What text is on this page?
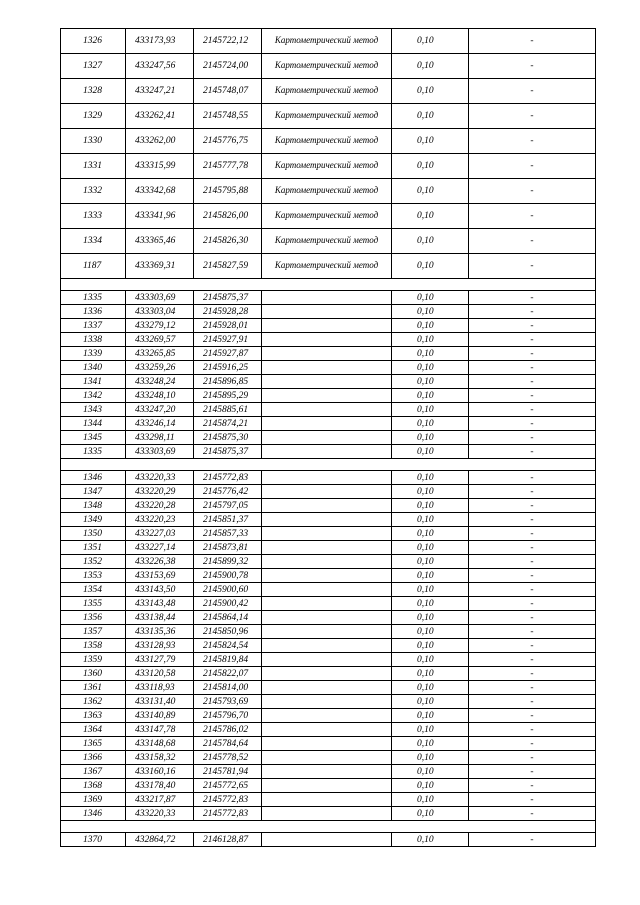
1326	433173,93	2145722,12	Картометрический метод	0,10	-
1327	433247,56	2145724,00	Картометрический метод	0,10	-
1328	433247,21	2145748,07	Картометрический метод	0,10	-
1329	433262,41	2145748,55	Картометрический метод	0,10	-
1330	433262,00	2145776,75	Картометрический метод	0,10	-
1331	433315,99	2145777,78	Картометрический метод	0,10	-
1332	433342,68	2145795,88	Картометрический метод	0,10	-
1333	433341,96	2145826,00	Картометрический метод	0,10	-
1334	433365,46	2145826,30	Картометрический метод	0,10	-
1187	433369,31	2145827,59	Картометрический метод	0,10	-

1335	433303,69	2145875,37		0,10	-
1336	433303,04	2145928,28		0,10	-
1337	433279,12	2145928,01		0,10	-
1338	433269,57	2145927,91		0,10	-
1339	433265,85	2145927,87		0,10	-
1340	433259,26	2145916,25		0,10	-
1341	433248,24	2145896,85		0,10	-
1342	433248,10	2145895,29		0,10	-
1343	433247,20	2145885,61		0,10	-
1344	433246,14	2145874,21		0,10	-
1345	433298,11	2145875,30		0,10	-
1335	433303,69	2145875,37		0,10	-

1346	433220,33	2145772,83		0,10	-
1347	433220,29	2145776,42		0,10	-
1348	433220,28	2145797,05		0,10	-
1349	433220,23	2145851,37		0,10	-
1350	433227,03	2145857,33		0,10	-
1351	433227,14	2145873,81		0,10	-
1352	433226,38	2145899,32		0,10	-
1353	433153,69	2145900,78		0,10	-
1354	433143,50	2145900,60		0,10	-
1355	433143,48	2145900,42		0,10	-
1356	433138,44	2145864,14		0,10	-
1357	433135,36	2145850,96		0,10	-
1358	433128,93	2145824,54		0,10	-
1359	433127,79	2145819,84		0,10	-
1360	433120,58	2145822,07		0,10	-
1361	433118,93	2145814,00		0,10	-
1362	433131,40	2145793,69		0,10	-
1363	433140,89	2145796,70		0,10	-
1364	433147,78	2145786,02		0,10	-
1365	433148,68	2145784,64		0,10	-
1366	433158,32	2145778,52		0,10	-
1367	433160,16	2145781,94		0,10	-
1368	433178,40	2145772,65		0,10	-
1369	433217,87	2145772,83		0,10	-
1346	433220,33	2145772,83		0,10	-

1370	432864,72	2146128,87		0,10	-
